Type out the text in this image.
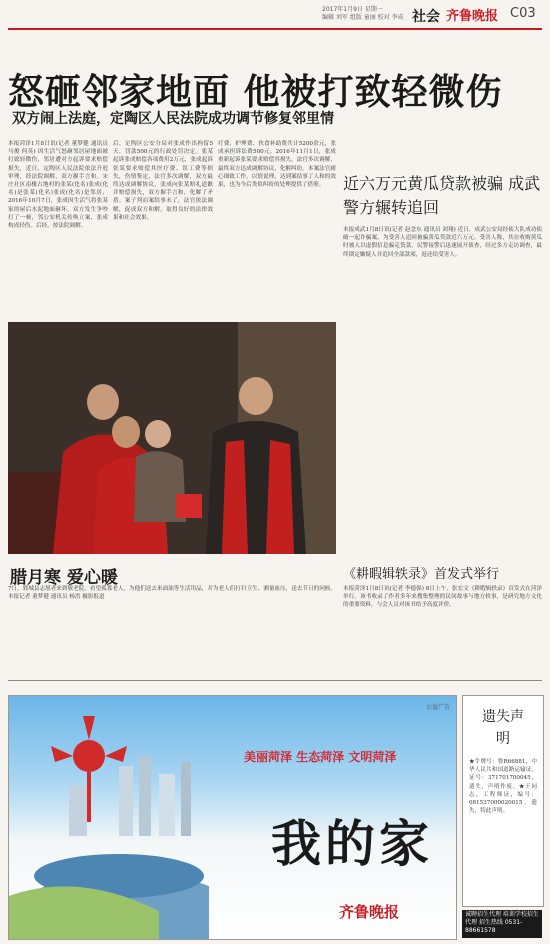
2017年1月9日 星期一
编辑 刘军 组版 童丽 校对 李成 社会 齐鲁晚报 C03
怒砸邻家地面 他被打致轻微伤
双方闹上法庭，定陶区人民法院成功调节修复邻里情
本报菏泽1月8日讯(记者 董梦健 通讯员 马俊 何英) 因生活气怒砸邻居屋地面被打致轻微伤，邻居遭对方起诉要求赔偿损失，近日，定陶区人民法院依法开庭审理，经法院调解，双方握手言和。宋庄社区南楼占地村的张某(化名)张成(化名)是张某(化名)张成(化名)是邻居，2016年10月7日，张成因生活气将张某家的屋后水泥地面砸坏，双方发生争吵打了一顿，邻公安机关传唤立案，张成构成轻伤。后经，按法院调解。
后，定陶区公安分局对张成作出拘留5天，罚款500元的行政处罚决定。张某起诉张成赔偿各项费用2万元，张成起诉张某要求赔偿其医疗费、误工费等损失，伤情鉴定，法官多次调解，双方最终达成调解协议，张成向张某赔礼道歉并赔偿损失，双方握手言和，化解了矛盾。案子判而案结事未了，法官依法调解，促成双方和解，取得良好的法律效果和社会效果。
疗费、护理费、伙食补助费共计5200余元，张成承担诉讼费500元。2016年11月1日，张成重新起诉张某要求赔偿其损失，法官多次调解，最终双方达成调解协议，化解纠纷。本案法官耐心细致工作，以情说理，达到案结事了人和的效果，也为今后类似纠纷的处理提供了借鉴。
腊月寒 爱心暖
7日，郓城县志愿者来到敬老院，看望孤寡老人，为他们送去米面油等生活用品，并为老人们打扫卫生、测量血压，送去节日的问候。本报记者 董梦健 通讯员 杨洪 摄影报道
近六万元黄瓜贷款被骗 成武警方辗转追回
本报成武1月8日讯(记者 赵念东 通讯员 刘翔) 近日，成武公安局经侦大队成功侦破一起诈骗案，为受害人追回被骗黄瓜贷款近六万元。受害人称，其在收购黄瓜时被人以虚假信息骗走货款，民警接警后迅速展开侦查，经过多方走访调查，最终锁定嫌疑人并追回全部款项，返还给受害人。
《耕暇辑轶录》首发式举行
本报菏泽1月8日讯(记者 李德强) 8日上午，张宏文《耕暇辑轶录》首发式在菏泽举行。该书收录了作者多年来搜集整理的民间故事与地方轶事，是研究地方文化的重要资料，与会人员对该书给予高度评价。
美丽菏泽 生态菏泽 文明菏泽
我的家
公益广告
齐鲁晚报
遗失声明
★牛牌号：鲁R66881，中华人民共和国道路运输证，证号：371701700045，遗失，声明作废。★王同志，工程师证，编号：081537000020015，遗失，特此声明。
诚聘招生代理 培训学校招生代理 招生热线 0531-88661578
